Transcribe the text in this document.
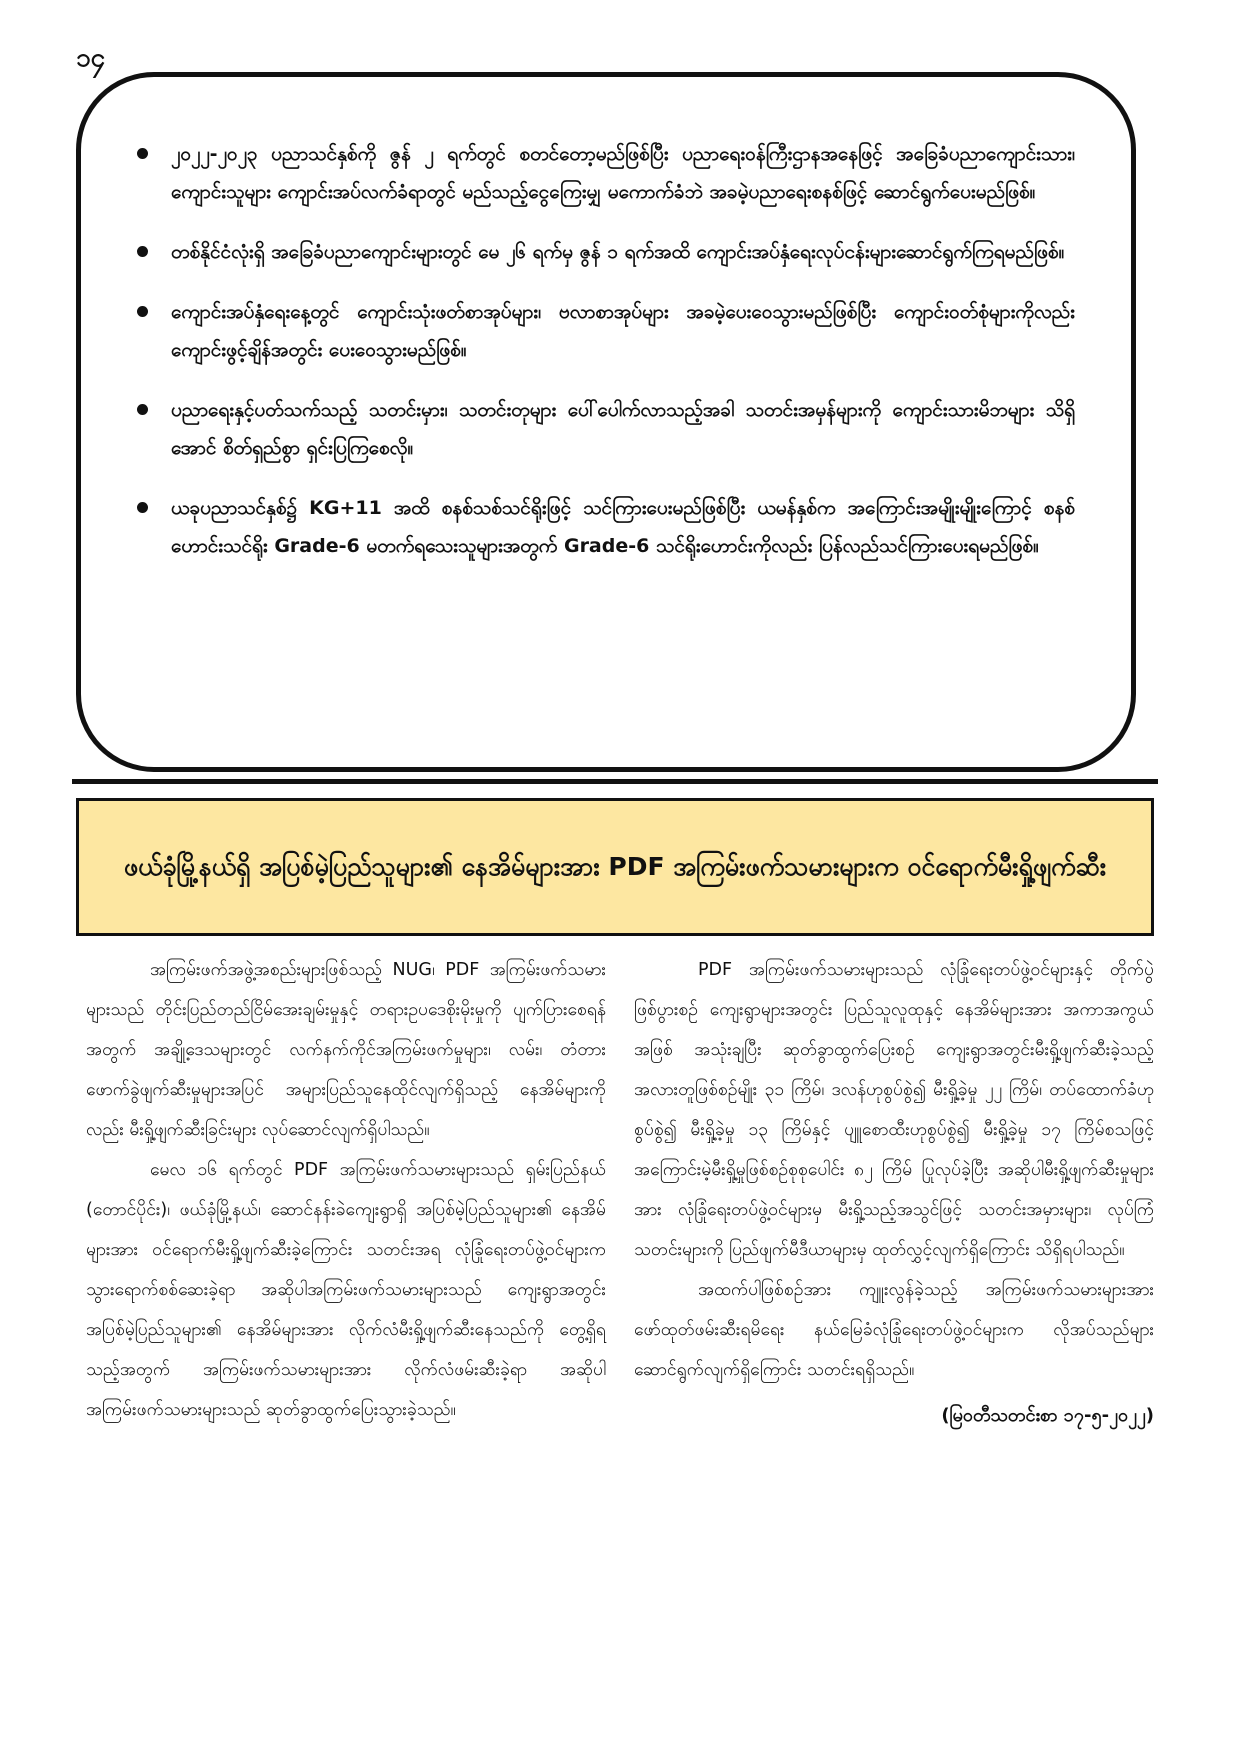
၁၄
၂၀၂၂-၂၀၂၃ ပညာသင်နှစ်ကို ဇွန် ၂ ရက်တွင် စတင်တော့မည်ဖြစ်ပြီး ပညာရေးဝန်ကြီးဌာနအနေဖြင့် အခြေခံပညာကျောင်းသား၊ ကျောင်းသူများ ကျောင်းအပ်လက်ခံရာတွင် မည်သည့်ငွေကြေးမျှ မကောက်ခံဘဲ အခမဲ့ပညာရေးစနစ်ဖြင့် ဆောင်ရွက်ပေးမည်ဖြစ်။
တစ်နိုင်ငံလုံးရှိ အခြေခံပညာကျောင်းများတွင် မေ ၂၆ ရက်မှ ဇွန် ၁ ရက်အထိ ကျောင်းအပ်နှံရေးလုပ်ငန်းများဆောင်ရွက်ကြရမည်ဖြစ်။
ကျောင်းအပ်နှံရေးနေ့တွင် ကျောင်းသုံးဖတ်စာအုပ်များ၊ ဗလာစာအုပ်များ အခမဲ့ပေးဝေသွားမည်ဖြစ်ပြီး ကျောင်းဝတ်စုံများကိုလည်း ကျောင်းဖွင့်ချိန်အတွင်း ပေးဝေသွားမည်ဖြစ်။
ပညာရေးနှင့်ပတ်သက်သည့် သတင်းမှား၊ သတင်းတုများ ပေါ်ပေါက်လာသည့်အခါ သတင်းအမှန်များကို ကျောင်းသားမိဘများ သိရှိအောင် စိတ်ရှည်စွာ ရှင်းပြကြစေလို။
ယခုပညာသင်နှစ်၌ KG+11 အထိ စနစ်သစ်သင်ရိုးဖြင့် သင်ကြားပေးမည်ဖြစ်ပြီး ယမန်နှစ်က အကြောင်းအမျိုးမျိုးကြောင့် စနစ်ဟောင်းသင်ရိုး Grade-6 မတက်ရသေးသူများအတွက် Grade-6 သင်ရိုးဟောင်းကိုလည်း ပြန်လည်သင်ကြားပေးရမည်ဖြစ်။
ဖယ်ခုံမြို့နယ်ရှိ အပြစ်မဲ့ပြည်သူများ၏ နေအိမ်များအား PDF အကြမ်းဖက်သမားများက ဝင်ရောက်မီးရှို့ဖျက်ဆီး

အကြမ်းဖက်အဖွဲ့အစည်းများဖြစ်သည့် NUG၊ PDF အကြမ်းဖက်သမားများသည် တိုင်းပြည်တည်ငြိမ်အေးချမ်းမှုနှင့် တရားဥပဒေစိုးမိုးမှုကို ပျက်ပြားစေရန်အတွက် အချို့ဒေသများတွင် လက်နက်ကိုင်အကြမ်းဖက်မှုများ၊ လမ်း၊ တံတား ဖောက်ခွဲဖျက်ဆီးမှုများအပြင် အများပြည်သူနေထိုင်လျက်ရှိသည့် နေအိမ်များကိုလည်း မီးရှို့ဖျက်ဆီးခြင်းများ လုပ်ဆောင်လျက်ရှိပါသည်။

မေလ ၁၆ ရက်တွင် PDF အကြမ်းဖက်သမားများသည် ရှမ်းပြည်နယ် (တောင်ပိုင်း)၊ ဖယ်ခုံမြို့နယ်၊ ဆောင်နန်းခဲကျေးရွာရှိ အပြစ်မဲ့ပြည်သူများ၏ နေအိမ်များအား ဝင်ရောက်မီးရှို့ဖျက်ဆီးခဲ့ကြောင်း သတင်းအရ လုံခြုံရေးတပ်ဖွဲ့ဝင်များက သွားရောက်စစ်ဆေးခဲ့ရာ အဆိုပါအကြမ်းဖက်သမားများသည် ကျေးရွာအတွင်း အပြစ်မဲ့ပြည်သူများ၏ နေအိမ်များအား လိုက်လံမီးရှို့ဖျက်ဆီးနေသည်ကို တွေ့ရှိရသည့်အတွက် အကြမ်းဖက်သမားများအား လိုက်လံဖမ်းဆီးခဲ့ရာ အဆိုပါအကြမ်းဖက်သမားများသည် ဆုတ်ခွာထွက်ပြေးသွားခဲ့သည်။

PDF အကြမ်းဖက်သမားများသည် လုံခြုံရေးတပ်ဖွဲ့ဝင်များနှင့် တိုက်ပွဲဖြစ်ပွားစဉ် ကျေးရွာများအတွင်း ပြည်သူလူထုနှင့် နေအိမ်များအား အကာအကွယ်အဖြစ် အသုံးချပြီး ဆုတ်ခွာထွက်ပြေးစဉ် ကျေးရွာအတွင်းမီးရှို့ဖျက်ဆီးခဲ့သည့် အလားတူဖြစ်စဉ်မျိုး ၃၁ ကြိမ်၊ ဒလန်ဟုစွပ်စွဲ၍ မီးရှို့ခဲ့မှု ၂၂ ကြိမ်၊ တပ်ထောက်ခံဟုစွပ်စွဲ၍ မီးရှို့ခဲ့မှု ၁၃ ကြိမ်နှင့် ပျူစောထီးဟုစွပ်စွဲ၍ မီးရှို့ခဲ့မှု ၁၇ ကြိမ်စသဖြင့် အကြောင်းမဲ့မီးရှို့မှုဖြစ်စဉ်စုစုပေါင်း ၈၂ ကြိမ် ပြုလုပ်ခဲ့ပြီး အဆိုပါမီးရှို့ဖျက်ဆီးမှုများအား လုံခြုံရေးတပ်ဖွဲ့ဝင်များမှ မီးရှို့သည့်အသွင်ဖြင့် သတင်းအမှားများ၊ လုပ်ကြံသတင်းများကို ပြည်ဖျက်မီဒီယာများမှ ထုတ်လွှင့်လျက်ရှိကြောင်း သိရှိရပါသည်။

အထက်ပါဖြစ်စဉ်အား ကျူးလွန်ခဲ့သည့် အကြမ်းဖက်သမားများအား ဖော်ထုတ်ဖမ်းဆီးရမိရေး နယ်မြေခံလုံခြုံရေးတပ်ဖွဲ့ဝင်များက လိုအပ်သည်များ ဆောင်ရွက်လျက်ရှိကြောင်း သတင်းရရှိသည်။

(မြဝတီသတင်းစာ ၁၇-၅-၂၀၂၂)
